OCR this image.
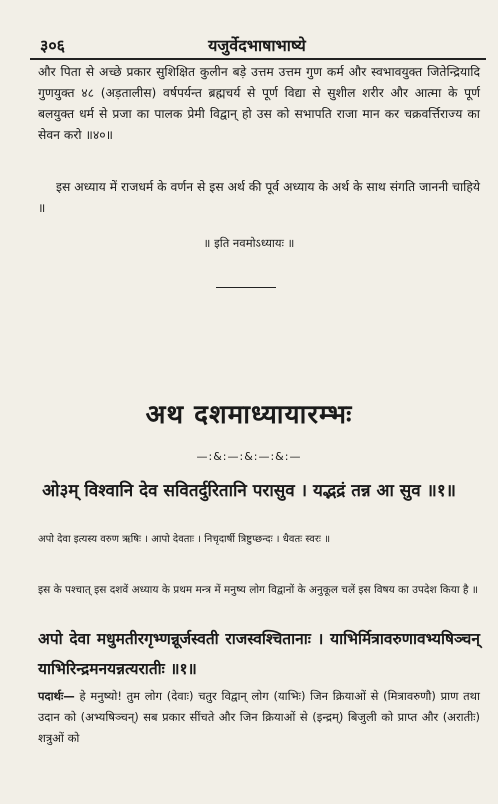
३०६	यजुर्वेदभाषाभाष्ये

और पिता से अच्छे प्रकार सुशिक्षित कुलीन बड़े उत्तम उत्तम गुण कर्म और स्वभावयुक्त जितेन्द्रियादि गुणयुक्त ४८ (अड़तालीस) वर्षपर्यन्त ब्रह्मचर्य से पूर्ण विद्या से सुशील शरीर और आत्मा के पूर्ण बलयुक्त धर्म से प्रजा का पालक प्रेमी विद्वान् हो उस को सभापति राजा मान कर चक्रवर्त्तिराज्य का सेवन करो ॥४०॥

इस अध्याय में राजधर्म के वर्णन से इस अर्थ की पूर्व अध्याय के अर्थ के साथ संगति जाननी चाहिये ॥

॥ इति नवमोऽध्यायः ॥

अथ दशमाध्यायारम्भः

—:&:—:&:—:&:—

ओ३म् विश्वानि देव सवितर्दुरितानि परासुव । यद्भद्रं तन्न आ सुव ॥१॥

अपो देवा इत्यस्य वरुण ऋषिः । आपो देवताः । निचृदार्षी त्रिष्टुप्छन्दः । धैवतः स्वरः ॥

इस के पश्चात् इस दशवें अध्याय के प्रथम मन्त्र में मनुष्य लोग विद्वानों के अनुकूल चलें इस विषय का उपदेश किया है ॥

अपो देवा मधुमतीरगृभ्णन्नूर्जस्वती राजस्वश्चितानाः । याभिर्मित्रावरुणावभ्यषिञ्चन् याभिरिन्द्रमनयन्नत्यरातीः ॥१॥

पदार्थः— हे मनुष्यो! तुम लोग (देवाः) चतुर विद्वान् लोग (याभिः) जिन क्रियाओं से (मित्रावरुणौ) प्राण तथा उदान को (अभ्यषिञ्चन्) सब प्रकार सींचते और जिन क्रियाओं से (इन्द्रम्) बिजुली को प्राप्त और (अरातीः) शत्रुओं को
